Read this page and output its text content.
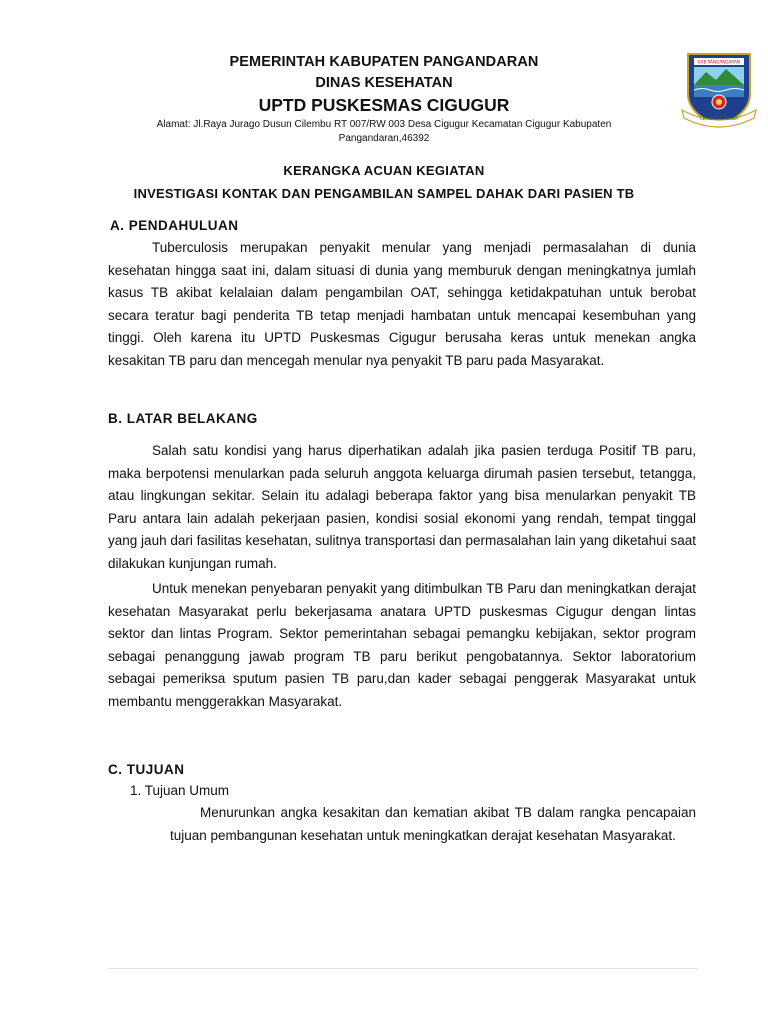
PEMERINTAH KABUPATEN PANGANDARAN
DINAS KESEHATAN
UPTD PUSKESMAS CIGUGUR
Alamat: Jl.Raya Jurago Dusun Cilembu RT 007/RW 003 Desa Cigugur Kecamatan Cigugur Kabupaten Pangandaran,46392
KAB PANGANDARAN
LEMBUR KAWIDA
KERANGKA ACUAN KEGIATAN
INVESTIGASI KONTAK DAN PENGAMBILAN SAMPEL DAHAK DARI PASIEN TB
A. PENDAHULUAN

Tuberculosis merupakan penyakit menular yang menjadi permasalahan di dunia kesehatan hingga saat ini, dalam situasi di dunia yang memburuk dengan meningkatnya jumlah kasus TB akibat kelalaian dalam pengambilan OAT, sehingga ketidakpatuhan untuk berobat secara teratur bagi penderita TB tetap menjadi hambatan untuk mencapai kesembuhan yang tinggi. Oleh karena itu UPTD Puskesmas Cigugur berusaha keras untuk menekan angka kesakitan TB paru dan mencegah menular nya penyakit TB paru pada Masyarakat.

B. LATAR BELAKANG

Salah satu kondisi yang harus diperhatikan adalah jika pasien terduga Positif TB paru, maka berpotensi menularkan pada seluruh anggota keluarga dirumah pasien tersebut, tetangga, atau lingkungan sekitar. Selain itu adalagi beberapa faktor yang bisa menularkan penyakit TB Paru antara lain adalah pekerjaan pasien, kondisi sosial ekonomi yang rendah, tempat tinggal yang jauh dari fasilitas kesehatan, sulitnya transportasi dan permasalahan lain yang diketahui saat dilakukan kunjungan rumah.

Untuk menekan penyebaran penyakit yang ditimbulkan TB Paru dan meningkatkan derajat kesehatan Masyarakat perlu bekerjasama anatara UPTD puskesmas Cigugur dengan lintas sektor dan lintas Program. Sektor pemerintahan sebagai pemangku kebijakan, sektor program sebagai penanggung jawab program TB paru berikut pengobatannya. Sektor laboratorium sebagai pemeriksa sputum pasien TB paru,dan kader sebagai penggerak Masyarakat untuk membantu menggerakkan Masyarakat.

C. TUJUAN
1. Tujuan Umum

Menurunkan angka kesakitan dan kematian akibat TB dalam rangka pencapaian tujuan pembangunan kesehatan untuk meningkatkan derajat kesehatan Masyarakat.
